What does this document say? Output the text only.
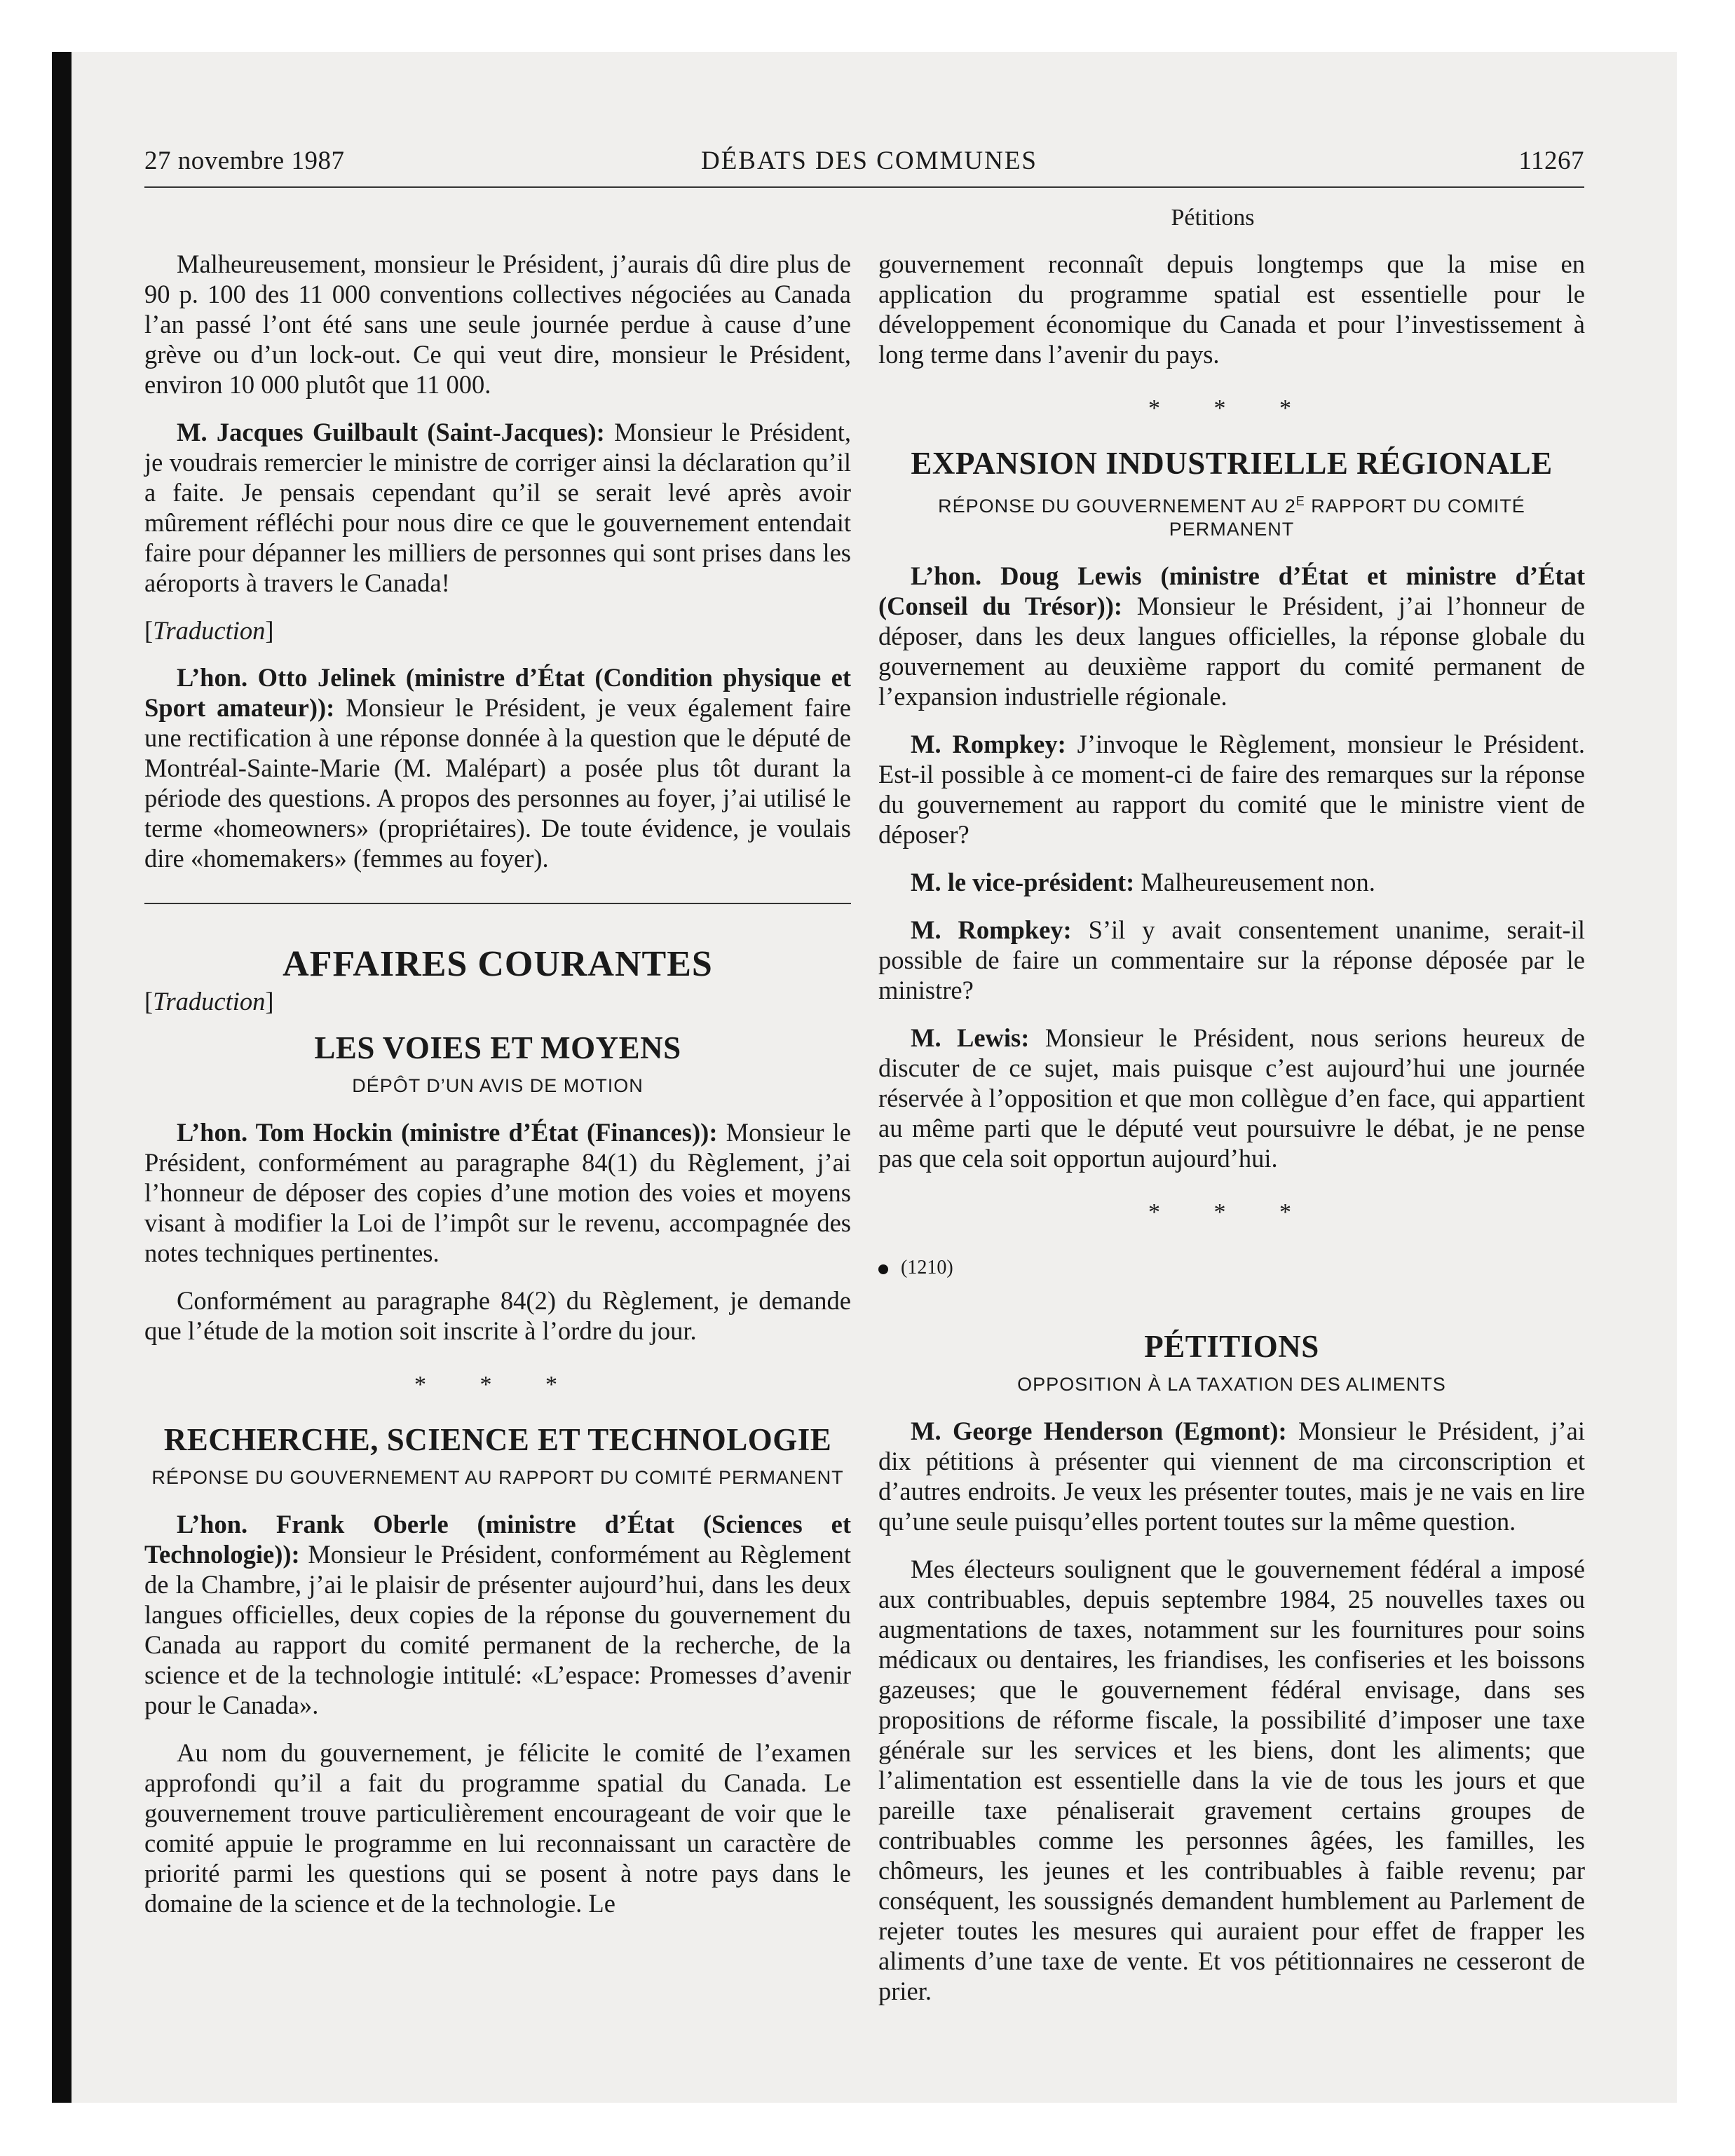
27 novembre 1987	DÉBATS DES COMMUNES	11267
Pétitions

Malheureusement, monsieur le Président, j’aurais dû dire plus de 90 p. 100 des 11 000 conventions collectives négociées au Canada l’an passé l’ont été sans une seule journée perdue à cause d’une grève ou d’un lock-out. Ce qui veut dire, monsieur le Président, environ 10 000 plutôt que 11 000.

M. Jacques Guilbault (Saint-Jacques): Monsieur le Président, je voudrais remercier le ministre de corriger ainsi la déclaration qu’il a faite. Je pensais cependant qu’il se serait levé après avoir mûrement réfléchi pour nous dire ce que le gouvernement entendait faire pour dépanner les milliers de personnes qui sont prises dans les aéroports à travers le Canada!

[Traduction]

L’hon. Otto Jelinek (ministre d’État (Condition physique et Sport amateur)): Monsieur le Président, je veux également faire une rectification à une réponse donnée à la question que le député de Montréal-Sainte-Marie (M. Malépart) a posée plus tôt durant la période des questions. A propos des personnes au foyer, j’ai utilisé le terme «homeowners» (propriétaires). De toute évidence, je voulais dire «homemakers» (femmes au foyer).

AFFAIRES COURANTES
[Traduction]
LES VOIES ET MOYENS
DÉPÔT D’UN AVIS DE MOTION

L’hon. Tom Hockin (ministre d’État (Finances)): Monsieur le Président, conformément au paragraphe 84(1) du Règlement, j’ai l’honneur de déposer des copies d’une motion des voies et moyens visant à modifier la Loi de l’impôt sur le revenu, accompagnée des notes techniques pertinentes.

Conformément au paragraphe 84(2) du Règlement, je demande que l’étude de la motion soit inscrite à l’ordre du jour.

* * *
RECHERCHE, SCIENCE ET TECHNOLOGIE
RÉPONSE DU GOUVERNEMENT AU RAPPORT DU COMITÉ PERMANENT

L’hon. Frank Oberle (ministre d’État (Sciences et Technologie)): Monsieur le Président, conformément au Règlement de la Chambre, j’ai le plaisir de présenter aujourd’hui, dans les deux langues officielles, deux copies de la réponse du gouvernement du Canada au rapport du comité permanent de la recherche, de la science et de la technologie intitulé: «L’espace: Promesses d’avenir pour le Canada».

Au nom du gouvernement, je félicite le comité de l’examen approfondi qu’il a fait du programme spatial du Canada. Le gouvernement trouve particulièrement encourageant de voir que le comité appuie le programme en lui reconnaissant un caractère de priorité parmi les questions qui se posent à notre pays dans le domaine de la science et de la technologie. Le

gouvernement reconnaît depuis longtemps que la mise en application du programme spatial est essentielle pour le développement économique du Canada et pour l’investissement à long terme dans l’avenir du pays.

* * *
EXPANSION INDUSTRIELLE RÉGIONALE
RÉPONSE DU GOUVERNEMENT AU $2^E$ RAPPORT DU COMITÉ PERMANENT

L’hon. Doug Lewis (ministre d’État et ministre d’État (Conseil du Trésor)): Monsieur le Président, j’ai l’honneur de déposer, dans les deux langues officielles, la réponse globale du gouvernement au deuxième rapport du comité permanent de l’expansion industrielle régionale.

M. Rompkey: J’invoque le Règlement, monsieur le Président. Est-il possible à ce moment-ci de faire des remarques sur la réponse du gouvernement au rapport du comité que le ministre vient de déposer?

M. le vice-président: Malheureusement non.

M. Rompkey: S’il y avait consentement unanime, serait-il possible de faire un commentaire sur la réponse déposée par le ministre?

M. Lewis: Monsieur le Président, nous serions heureux de discuter de ce sujet, mais puisque c’est aujourd’hui une journée réservée à l’opposition et que mon collègue d’en face, qui appartient au même parti que le député veut poursuivre le débat, je ne pense pas que cela soit opportun aujourd’hui.

* * *
(1210)
PÉTITIONS
OPPOSITION À LA TAXATION DES ALIMENTS

M. George Henderson (Egmont): Monsieur le Président, j’ai dix pétitions à présenter qui viennent de ma circonscription et d’autres endroits. Je veux les présenter toutes, mais je ne vais en lire qu’une seule puisqu’elles portent toutes sur la même question.

Mes électeurs soulignent que le gouvernement fédéral a imposé aux contribuables, depuis septembre 1984, 25 nouvelles taxes ou augmentations de taxes, notamment sur les fournitures pour soins médicaux ou dentaires, les friandises, les confiseries et les boissons gazeuses; que le gouvernement fédéral envisage, dans ses propositions de réforme fiscale, la possibilité d’imposer une taxe générale sur les services et les biens, dont les aliments; que l’alimentation est essentielle dans la vie de tous les jours et que pareille taxe pénaliserait gravement certains groupes de contribuables comme les personnes âgées, les familles, les chômeurs, les jeunes et les contribuables à faible revenu; par conséquent, les soussignés demandent humblement au Parlement de rejeter toutes les mesures qui auraient pour effet de frapper les aliments d’une taxe de vente. Et vos pétitionnaires ne cesseront de prier.
